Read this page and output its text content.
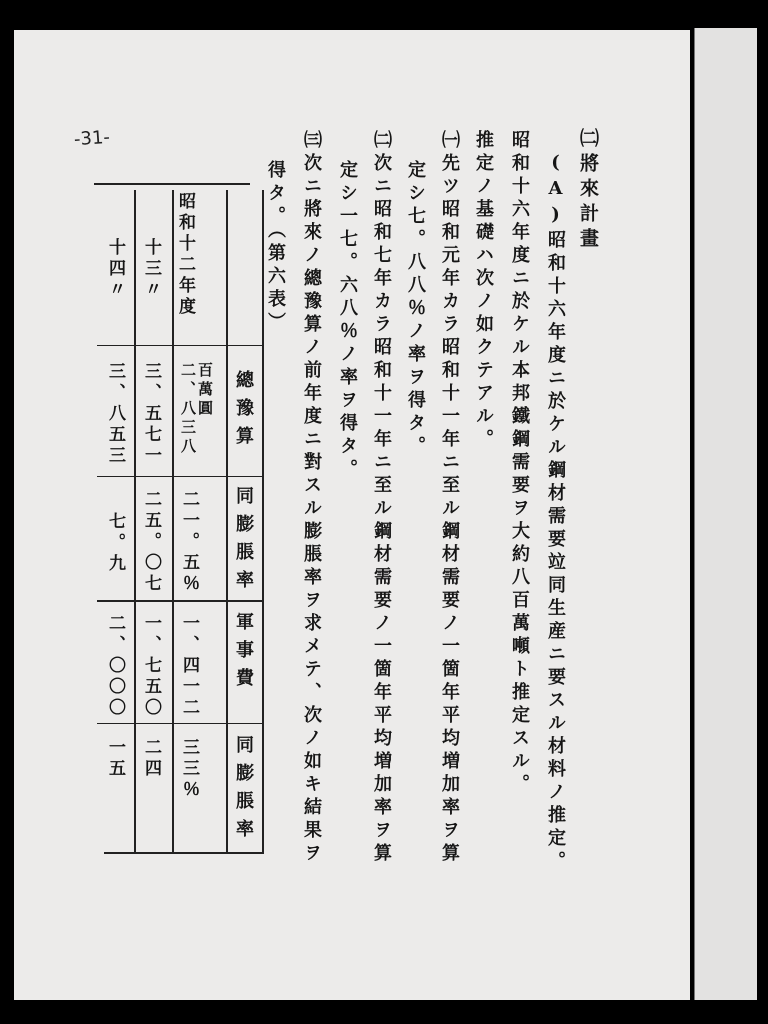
-31-	㈡將來計畫
(A)昭和十六年度ニ於ケル鋼材需要竝同生産ニ要スル材料ノ推定。
昭和十六年度ニ於ケル本邦鐵鋼需要ヲ大約八百萬噸ト推定スル。
推定ノ基礎ハ次ノ如クテアル。
㈠先ツ昭和元年カラ昭和十一年ニ至ル鋼材需要ノ一箇年平均増加率ヲ算
定シ七。八八％ノ率ヲ得タ。
㈡次ニ昭和七年カラ昭和十一年ニ至ル鋼材需要ノ一箇年平均増加率ヲ算
定シ一七。六八％ノ率ヲ得タ。
㈢次ニ將來ノ總豫算ノ前年度ニ對スル膨脹率ヲ求メテ、次ノ如キ結果ヲ
得タ。（第六表）
總豫算
同膨脹率
軍事費
同膨脹率
昭和十二年度
百萬圓
二、八三八
二一。五％
一、四一二
三三％
十三〃
三、五七一
二五。〇七
一、七五〇
二四
十四〃
三、八五三
七。九
二、〇〇〇
一五
